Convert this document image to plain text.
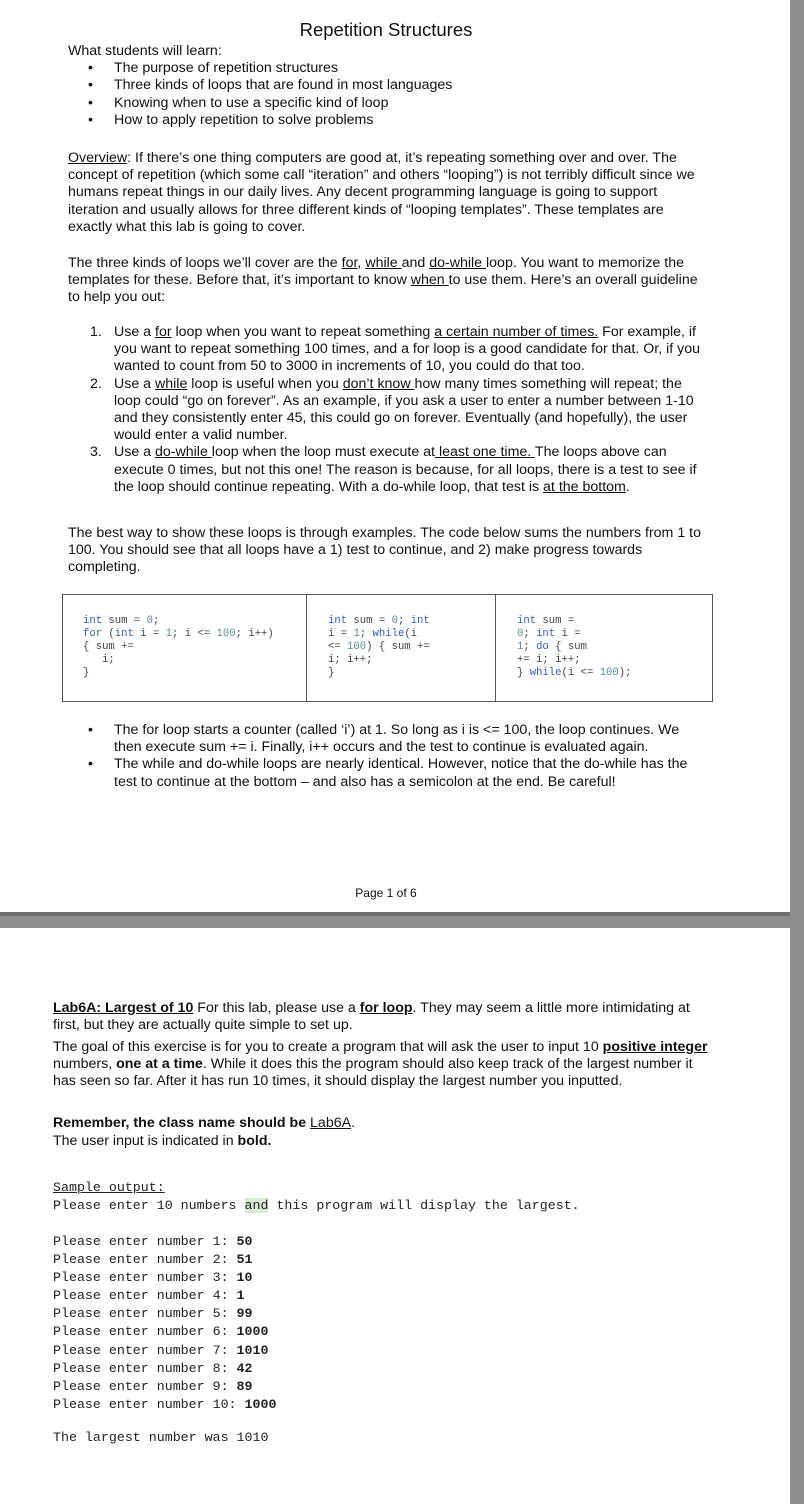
Repetition Structures
What students will learn:
• The purpose of repetition structures
• Three kinds of loops that are found in most languages
• Knowing when to use a specific kind of loop
• How to apply repetition to solve problems
Overview: If there’s one thing computers are good at, it’s repeating something over and over. The concept of repetition (which some call “iteration” and others “looping”) is not terribly difficult since we humans repeat things in our daily lives. Any decent programming language is going to support iteration and usually allows for three different kinds of “looping templates”. These templates are exactly what this lab is going to cover.
The three kinds of loops we’ll cover are the for, while and do-while loop. You want to memorize the templates for these. Before that, it’s important to know when to use them. Here’s an overall guideline to help you out:
1. Use a for loop when you want to repeat something a certain number of times. For example, if you want to repeat something 100 times, and a for loop is a good candidate for that. Or, if you wanted to count from 50 to 3000 in increments of 10, you could do that too.
2. Use a while loop is useful when you don’t know how many times something will repeat; the loop could “go on forever”. As an example, if you ask a user to enter a number between 1-10 and they consistently enter 45, this could go on forever. Eventually (and hopefully), the user would enter a valid number.
3. Use a do-while loop when the loop must execute at least one time. The loops above can execute 0 times, but not this one! The reason is because, for all loops, there is a test to see if the loop should continue repeating. With a do-while loop, that test is at the bottom.
The best way to show these loops is through examples. The code below sums the numbers from 1 to 100. You should see that all loops have a 1) test to continue, and 2) make progress towards completing.
int sum = 0;
for (int i = 1; i <= 100; i++)
{ sum +=
i;
}
int sum = 0; int
i = 1; while(i
<= 100) { sum +=
i; i++;
}
int sum =
0; int i =
1; do { sum
+= i; i++;
} while(i <= 100);
• The for loop starts a counter (called ‘i’) at 1. So long as i is <= 100, the loop continues. We then execute sum += i. Finally, i++ occurs and the test to continue is evaluated again.
• The while and do-while loops are nearly identical. However, notice that the do-while has the test to continue at the bottom – and also has a semicolon at the end. Be careful!
Page 1 of 6
Lab6A: Largest of 10 For this lab, please use a for loop. They may seem a little more intimidating at first, but they are actually quite simple to set up.
The goal of this exercise is for you to create a program that will ask the user to input 10 positive integer numbers, one at a time. While it does this the program should also keep track of the largest number it has seen so far. After it has run 10 times, it should display the largest number you inputted.
Remember, the class name should be Lab6A.
The user input is indicated in bold.
Sample output:
Please enter 10 numbers and this program will display the largest.

Please enter number 1: 50
Please enter number 2: 51
Please enter number 3: 10
Please enter number 4: 1
Please enter number 5: 99
Please enter number 6: 1000
Please enter number 7: 1010
Please enter number 8: 42
Please enter number 9: 89
Please enter number 10: 1000
The largest number was 1010
